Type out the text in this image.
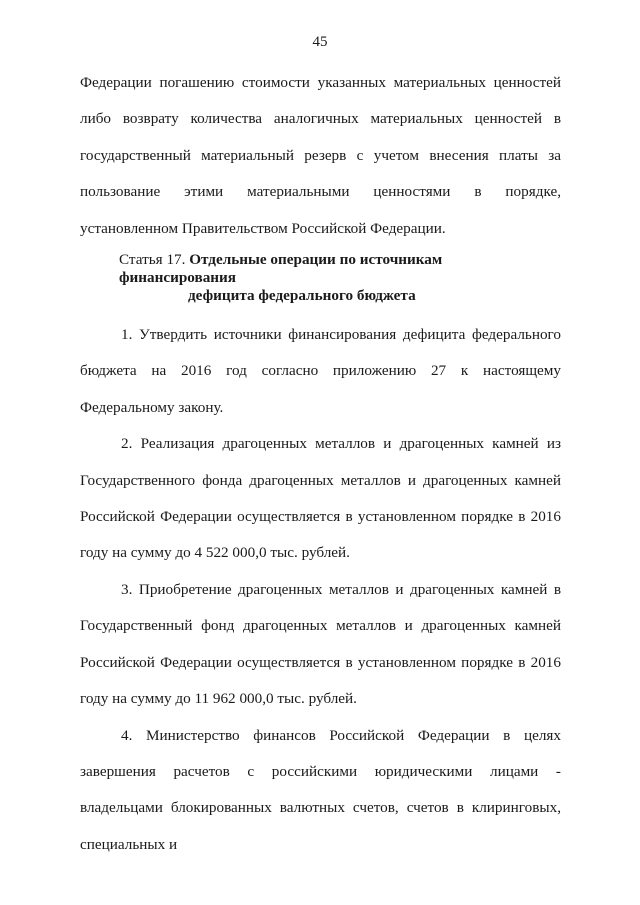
45

Федерации погашению стоимости указанных материальных ценностей либо возврату количества аналогичных материальных ценностей в государственный материальный резерв с учетом внесения платы за пользование этими материальными ценностями в порядке, установленном Правительством Российской Федерации.

Статья 17. Отдельные операции по источникам финансирования
дефицита федерального бюджета

1. Утвердить источники финансирования дефицита федерального бюджета на 2016 год согласно приложению 27 к настоящему Федеральному закону.

2. Реализация драгоценных металлов и драгоценных камней из Государственного фонда драгоценных металлов и драгоценных камней Российской Федерации осуществляется в установленном порядке в 2016 году на сумму до 4 522 000,0 тыс. рублей.

3. Приобретение драгоценных металлов и драгоценных камней в Государственный фонд драгоценных металлов и драгоценных камней Российской Федерации осуществляется в установленном порядке в 2016 году на сумму до 11 962 000,0 тыс. рублей.

4. Министерство финансов Российской Федерации в целях завершения расчетов с российскими юридическими лицами - владельцами блокированных валютных счетов, счетов в клиринговых, специальных и
